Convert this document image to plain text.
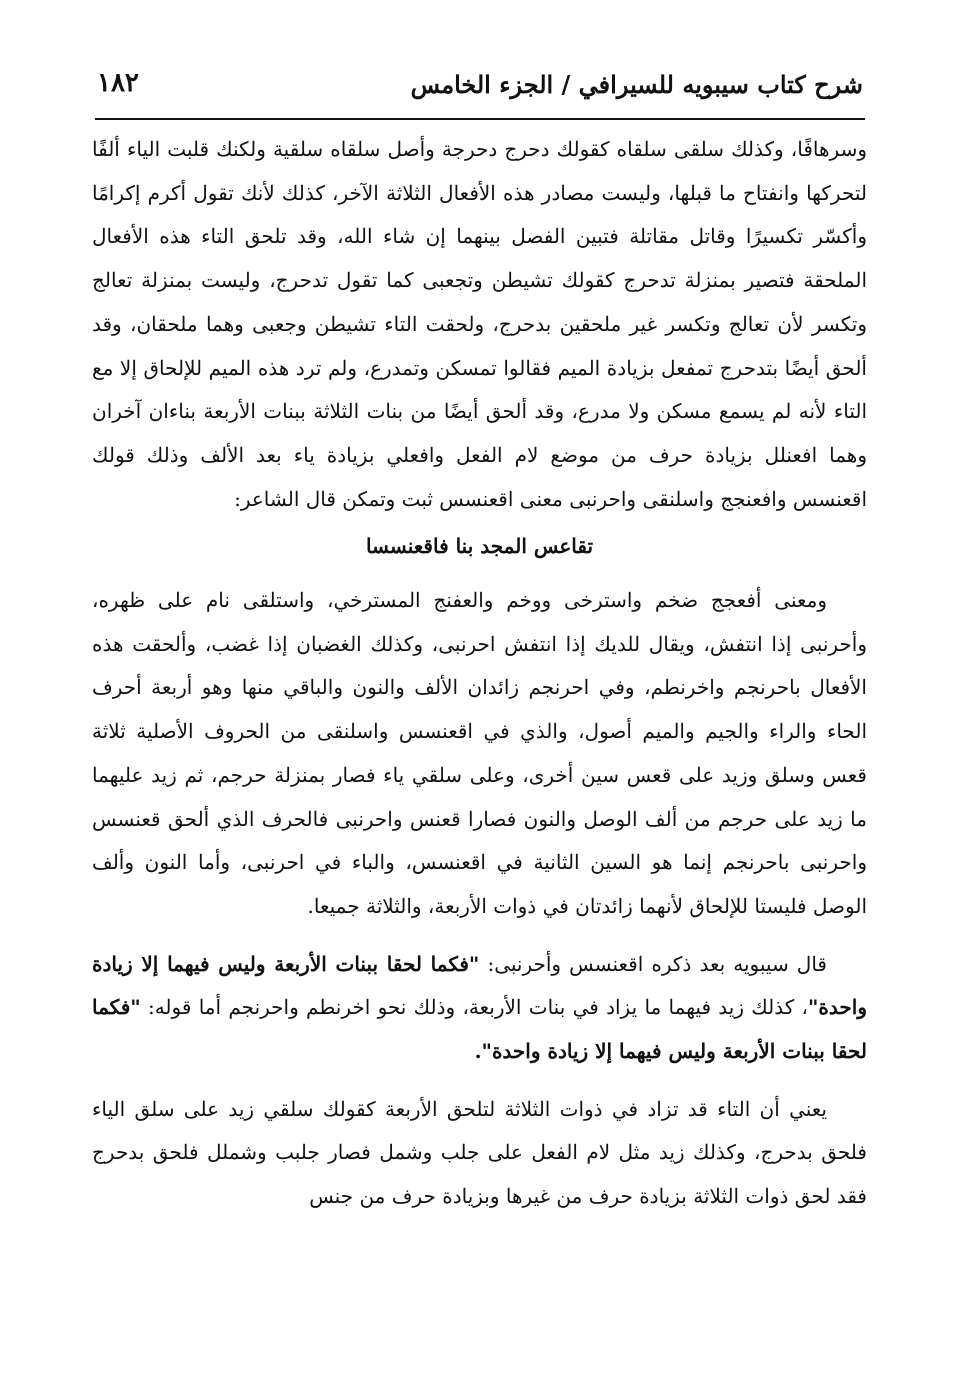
شرح كتاب سيبويه للسيرافي / الجزء الخامس
١٨٢

وسرهافًا، وكذلك سلقى سلقاه كقولك دحرج دحرجة وأصل سلقاه سلقية ولكنك قلبت الياء ألفًا لتحركها وانفتاح ما قبلها، وليست مصادر هذه الأفعال الثلاثة الآخر، كذلك لأنك تقول أكرم إكرامًا وأكسّر تكسيرًا وقاتل مقاتلة فتبين الفصل بينهما إن شاء الله، وقد تلحق التاء هذه الأفعال الملحقة فتصير بمنزلة تدحرج كقولك تشيطن وتجعبى كما تقول تدحرج، وليست بمنزلة تعالج وتكسر لأن تعالج وتكسر غير ملحقين بدحرج، ولحقت التاء تشيطن وجعبى وهما ملحقان، وقد ألحق أيضًا بتدحرج تمفعل بزيادة الميم فقالوا تمسكن وتمدرع، ولم ترد هذه الميم للإلحاق إلا مع التاء لأنه لم يسمع مسكن ولا مدرع، وقد ألحق أيضًا من بنات الثلاثة ببنات الأربعة بناءان آخران وهما افعنلل بزيادة حرف من موضع لام الفعل وافعلي بزيادة ياء بعد الألف وذلك قولك اقعنسس وافعنجج واسلنقى واحرنبى معنى اقعنسس ثبت وتمكن قال الشاعر:

تقاعس المجد بنا فاقعنسسا

ومعنى أفعجج ضخم واسترخى ووخم والعفنج المسترخي، واستلقى نام على ظهره، وأحرنبى إذا انتفش، ويقال للديك إذا انتفش احرنبى، وكذلك الغضبان إذا غضب، وألحقت هذه الأفعال باحرنجم واخرنطم، وفي احرنجم زائدان الألف والنون والباقي منها وهو أربعة أحرف الحاء والراء والجيم والميم أصول، والذي في اقعنسس واسلنقى من الحروف الأصلية ثلاثة قعس وسلق وزيد على قعس سين أخرى، وعلى سلقي ياء فصار بمنزلة حرجم، ثم زيد عليهما ما زيد على حرجم من ألف الوصل والنون فصارا قعنس واحرنبى فالحرف الذي ألحق قعنسس واحرنبى باحرنجم إنما هو السين الثانية في اقعنسس، والباء في احرنبى، وأما النون وألف الوصل فليستا للإلحاق لأنهما زائدتان في ذوات الأربعة، والثلاثة جميعا.

قال سيبويه بعد ذكره اقعنسس وأحرنبى: "فكما لحقا ببنات الأربعة وليس فيهما إلا زيادة واحدة"، كذلك زيد فيهما ما يزاد في بنات الأربعة، وذلك نحو اخرنطم واحرنجم أما قوله: "فكما لحقا ببنات الأربعة وليس فيهما إلا زيادة واحدة".

يعني أن التاء قد تزاد في ذوات الثلاثة لتلحق الأربعة كقولك سلقي زيد على سلق الياء فلحق بدحرج، وكذلك زيد مثل لام الفعل على جلب وشمل فصار جلبب وشملل فلحق بدحرج فقد لحق ذوات الثلاثة بزيادة حرف من غيرها وبزيادة حرف من جنس
